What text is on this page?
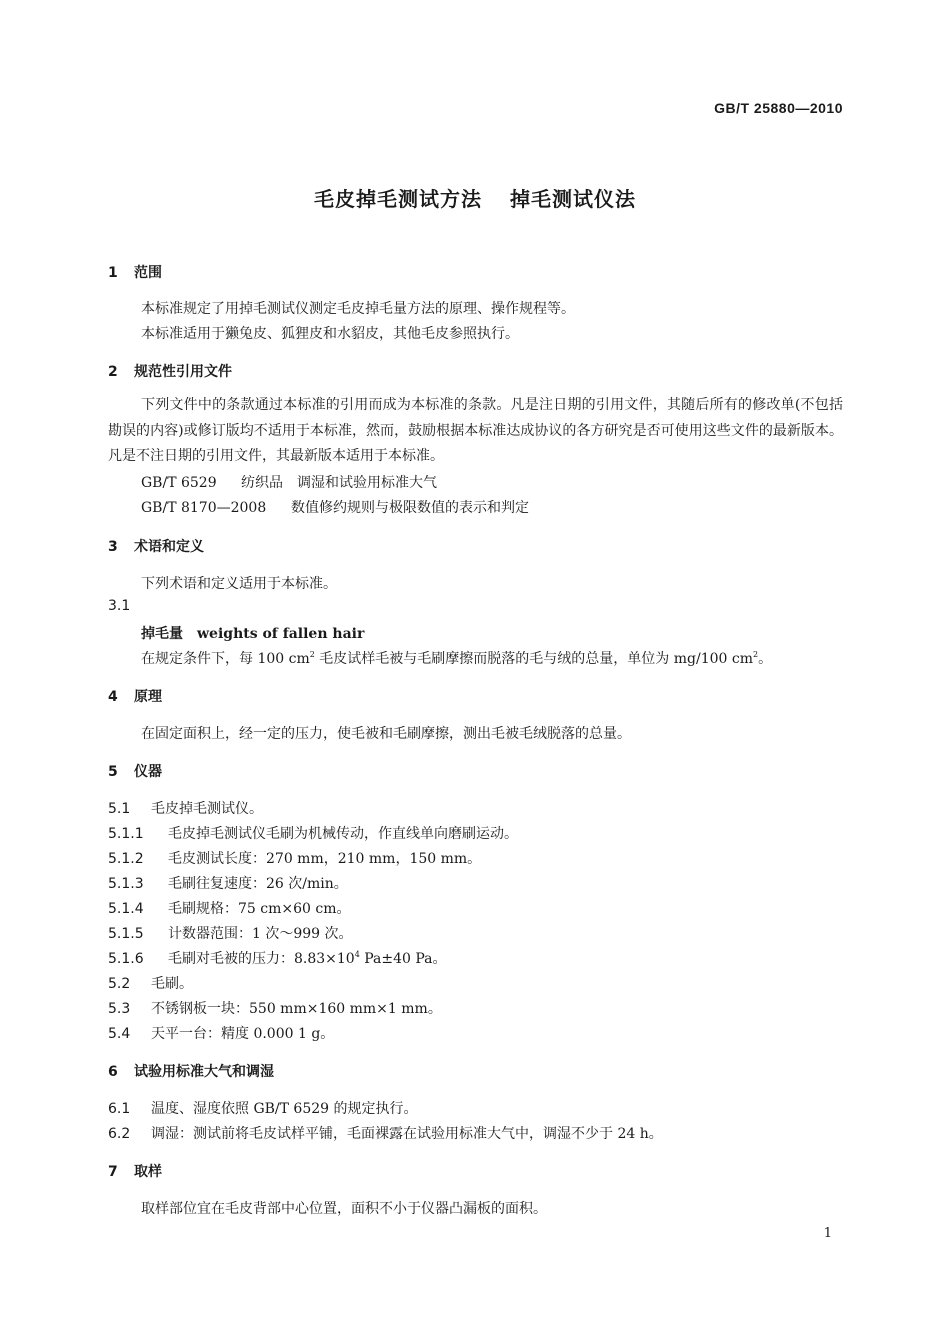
GB/T 25880—2010
毛皮掉毛测试方法 掉毛测试仪法
1 范围
本标准规定了用掉毛测试仪测定毛皮掉毛量方法的原理、操作规程等。
本标准适用于獭兔皮、狐狸皮和水貂皮，其他毛皮参照执行。
2 规范性引用文件
下列文件中的条款通过本标准的引用而成为本标准的条款。凡是注日期的引用文件，其随后所有的修改单(不包括勘误的内容)或修订版均不适用于本标准，然而，鼓励根据本标准达成协议的各方研究是否可使用这些文件的最新版本。凡是不注日期的引用文件，其最新版本适用于本标准。
GB/T 6529 纺织品　调湿和试验用标准大气
GB/T 8170—2008 数值修约规则与极限数值的表示和判定
3 术语和定义
下列术语和定义适用于本标准。
3.1
掉毛量 weights of fallen hair
在规定条件下，每 100 $cm^2$ 毛皮试样毛被与毛刷摩擦而脱落的毛与绒的总量，单位为 mg/100 $cm^2$。
4 原理
在固定面积上，经一定的压力，使毛被和毛刷摩擦，测出毛被毛绒脱落的总量。
5 仪器
5.1 毛皮掉毛测试仪。
5.1.1 毛皮掉毛测试仪毛刷为机械传动，作直线单向磨刷运动。
5.1.2 毛皮测试长度：270 mm，210 mm，150 mm。
5.1.3 毛刷往复速度：26 次/min。
5.1.4 毛刷规格：75 cm×60 cm。
5.1.5 计数器范围：1 次～999 次。
5.1.6 毛刷对毛被的压力：$8.83\times 10^4$ Pa±40 Pa。
5.2 毛刷。
5.3 不锈钢板一块：550 mm×160 mm×1 mm。
5.4 天平一台：精度 0.000 1 g。
6 试验用标准大气和调湿
6.1 温度、湿度依照 GB/T 6529 的规定执行。
6.2 调湿：测试前将毛皮试样平铺，毛面裸露在试验用标准大气中，调湿不少于 24 h。
7 取样
取样部位宜在毛皮背部中心位置，面积不小于仪器凸漏板的面积。
1
